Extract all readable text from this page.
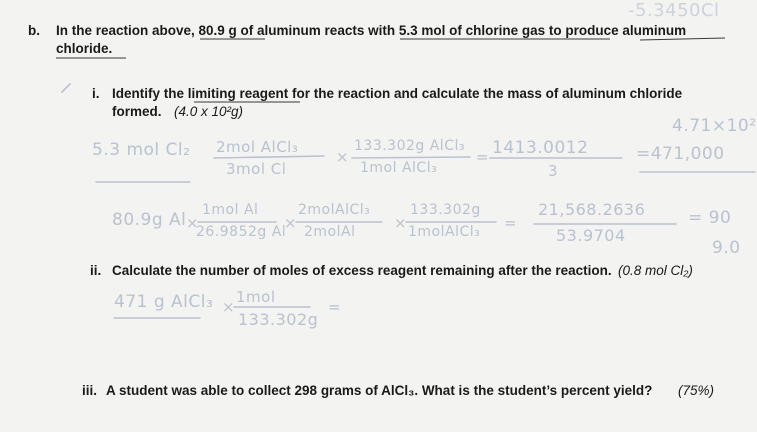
b. In the reaction above, 80.9 g of aluminum reacts with 5.3 mol of chlorine gas to produce aluminum
chloride.
i. Identify the limiting reagent for the reaction and calculate the mass of aluminum chloride
formed. (4.0 x 10²g)
ii. Calculate the number of moles of excess reagent remaining after the reaction. (0.8 mol Cl₂)
iii. A student was able to collect 298 grams of AlCl₃. What is the student’s percent yield? (75%)
-5.3450Cl
5.3 mol Cl₂ 2mol AlCl₃
3mol Cl
×
133.302g AlCl₃
1mol AlCl₃
= 1413.0012
3
=471,000
4.71×10²
80.9g Al ×
1mol Al
26.9852g Al
×
2molAlCl₃
2molAl	×
133.302g
1molAlCl₃ =
21,568.2636
53.9704
= 90
9.0
471 g AlCl₃ ×
1mol
133.302g
=
